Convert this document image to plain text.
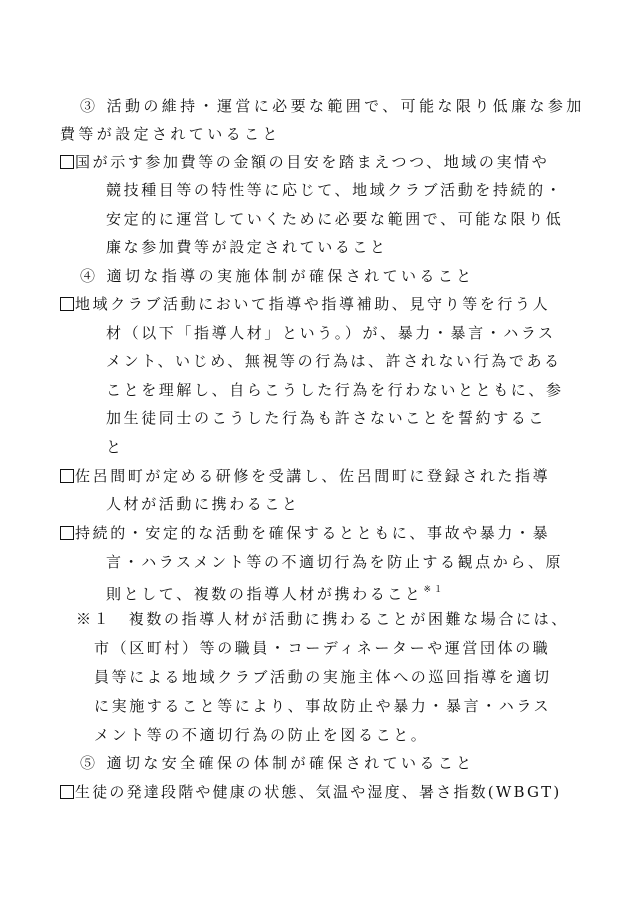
③ 活動の維持・運営に必要な範囲で、可能な限り低廉な参加
費等が設定されていること
国が示す参加費等の金額の目安を踏まえつつ、地域の実情や
競技種目等の特性等に応じて、地域クラブ活動を持続的・
安定的に運営していくために必要な範囲で、可能な限り低
廉な参加費等が設定されていること
④ 適切な指導の実施体制が確保されていること
地域クラブ活動において指導や指導補助、見守り等を行う人
材（以下「指導人材」という。）が、暴力・暴言・ハラス
メント、いじめ、無視等の行為は、許されない行為である
ことを理解し、自らこうした行為を行わないとともに、参
加生徒同士のこうした行為も許さないことを誓約するこ
と
佐呂間町が定める研修を受講し、佐呂間町に登録された指導
人材が活動に携わること
持続的・安定的な活動を確保するとともに、事故や暴力・暴
言・ハラスメント等の不適切行為を防止する観点から、原
則として、複数の指導人材が携わること$^{※1}$
※１　複数の指導人材が活動に携わることが困難な場合には、
市（区町村）等の職員・コーディネーターや運営団体の職
員等による地域クラブ活動の実施主体への巡回指導を適切
に実施すること等により、事故防止や暴力・暴言・ハラス
メント等の不適切行為の防止を図ること。
⑤ 適切な安全確保の体制が確保されていること
生徒の発達段階や健康の状態、気温や湿度、暑さ指数(WBGT)
